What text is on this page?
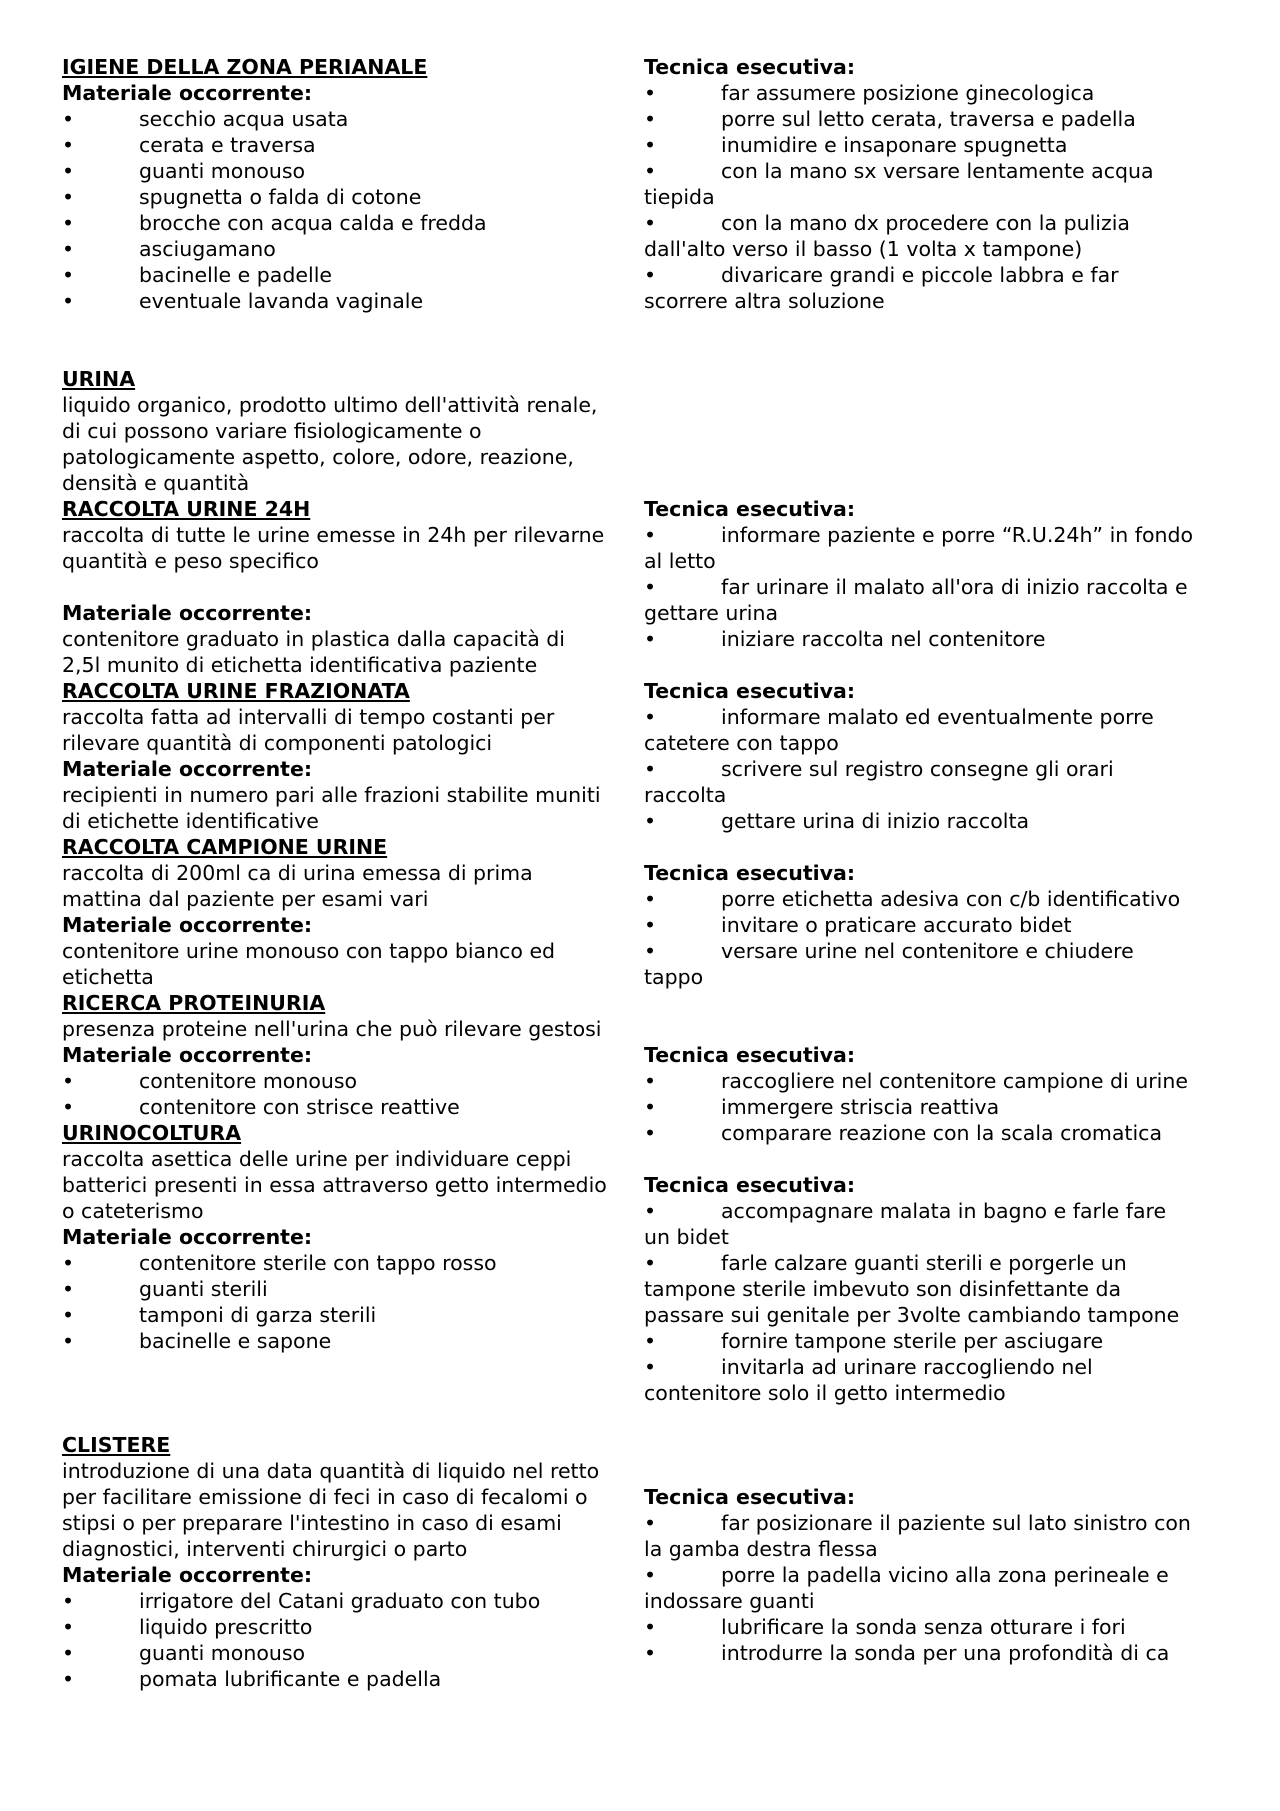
IGIENE DELLA ZONA PERIANALE
Materiale occorrente:
•	secchio acqua usata
•	cerata e traversa
•	guanti monouso
•	spugnetta o falda di cotone
•	brocche con acqua calda e fredda
•	asciugamano
•	bacinelle e padelle
•	eventuale lavanda vaginale
URINA
liquido organico, prodotto ultimo dell'attività renale,
di cui possono variare fisiologicamente o
patologicamente aspetto, colore, odore, reazione,
densità e quantità
RACCOLTA URINE 24H
raccolta di tutte le urine emesse in 24h per rilevarne
quantità e peso specifico
Materiale occorrente:
contenitore graduato in plastica dalla capacità di
2,5l munito di etichetta identificativa paziente
RACCOLTA URINE FRAZIONATA
raccolta fatta ad intervalli di tempo costanti per
rilevare quantità di componenti patologici
Materiale occorrente:
recipienti in numero pari alle frazioni stabilite muniti
di etichette identificative
RACCOLTA CAMPIONE URINE
raccolta di 200ml ca di urina emessa di prima
mattina dal paziente per esami vari
Materiale occorrente:
contenitore urine monouso con tappo bianco ed
etichetta
RICERCA PROTEINURIA
presenza proteine nell'urina che può rilevare gestosi
Materiale occorrente:
•	contenitore monouso
•	contenitore con strisce reattive
URINOCOLTURA
raccolta asettica delle urine per individuare ceppi
batterici presenti in essa attraverso getto intermedio
o cateterismo
Materiale occorrente:
•	contenitore sterile con tappo rosso
•	guanti sterili
•	tamponi di garza sterili
•	bacinelle e sapone
CLISTERE
introduzione di una data quantità di liquido nel retto
per facilitare emissione di feci in caso di fecalomi o
stipsi o per preparare l'intestino in caso di esami
diagnostici, interventi chirurgici o parto
Materiale occorrente:
•	irrigatore del Catani graduato con tubo
•	liquido prescritto
•	guanti monouso
•	pomata lubrificante e padella
Tecnica esecutiva:
•	far assumere posizione ginecologica
•	porre sul letto cerata, traversa e padella
•	inumidire e insaponare spugnetta
•	con la mano sx versare lentamente acqua
tiepida
•	con la mano dx procedere con la pulizia
dall'alto verso il basso (1 volta x tampone)
•	divaricare grandi e piccole labbra e far
scorrere altra soluzione
Tecnica esecutiva:
•	informare paziente e porre “R.U.24h” in fondo
al letto
•	far urinare il malato all'ora di inizio raccolta e
gettare urina
•	iniziare raccolta nel contenitore
Tecnica esecutiva:
•	informare malato ed eventualmente porre
catetere con tappo
•	scrivere sul registro consegne gli orari
raccolta
•	gettare urina di inizio raccolta
Tecnica esecutiva:
•	porre etichetta adesiva con c/b identificativo
•	invitare o praticare accurato bidet
•	versare urine nel contenitore e chiudere
tappo
Tecnica esecutiva:
•	raccogliere nel contenitore campione di urine
•	immergere striscia reattiva
•	comparare reazione con la scala cromatica
Tecnica esecutiva:
•	accompagnare malata in bagno e farle fare
un bidet
•	farle calzare guanti sterili e porgerle un
tampone sterile imbevuto son disinfettante da
passare sui genitale per 3volte cambiando tampone
•	fornire tampone sterile per asciugare
•	invitarla ad urinare raccogliendo nel
contenitore solo il getto intermedio
Tecnica esecutiva:
•	far posizionare il paziente sul lato sinistro con
la gamba destra flessa
•	porre la padella vicino alla zona perineale e
indossare guanti
•	lubrificare la sonda senza otturare i fori
•	introdurre la sonda per una profondità di ca
